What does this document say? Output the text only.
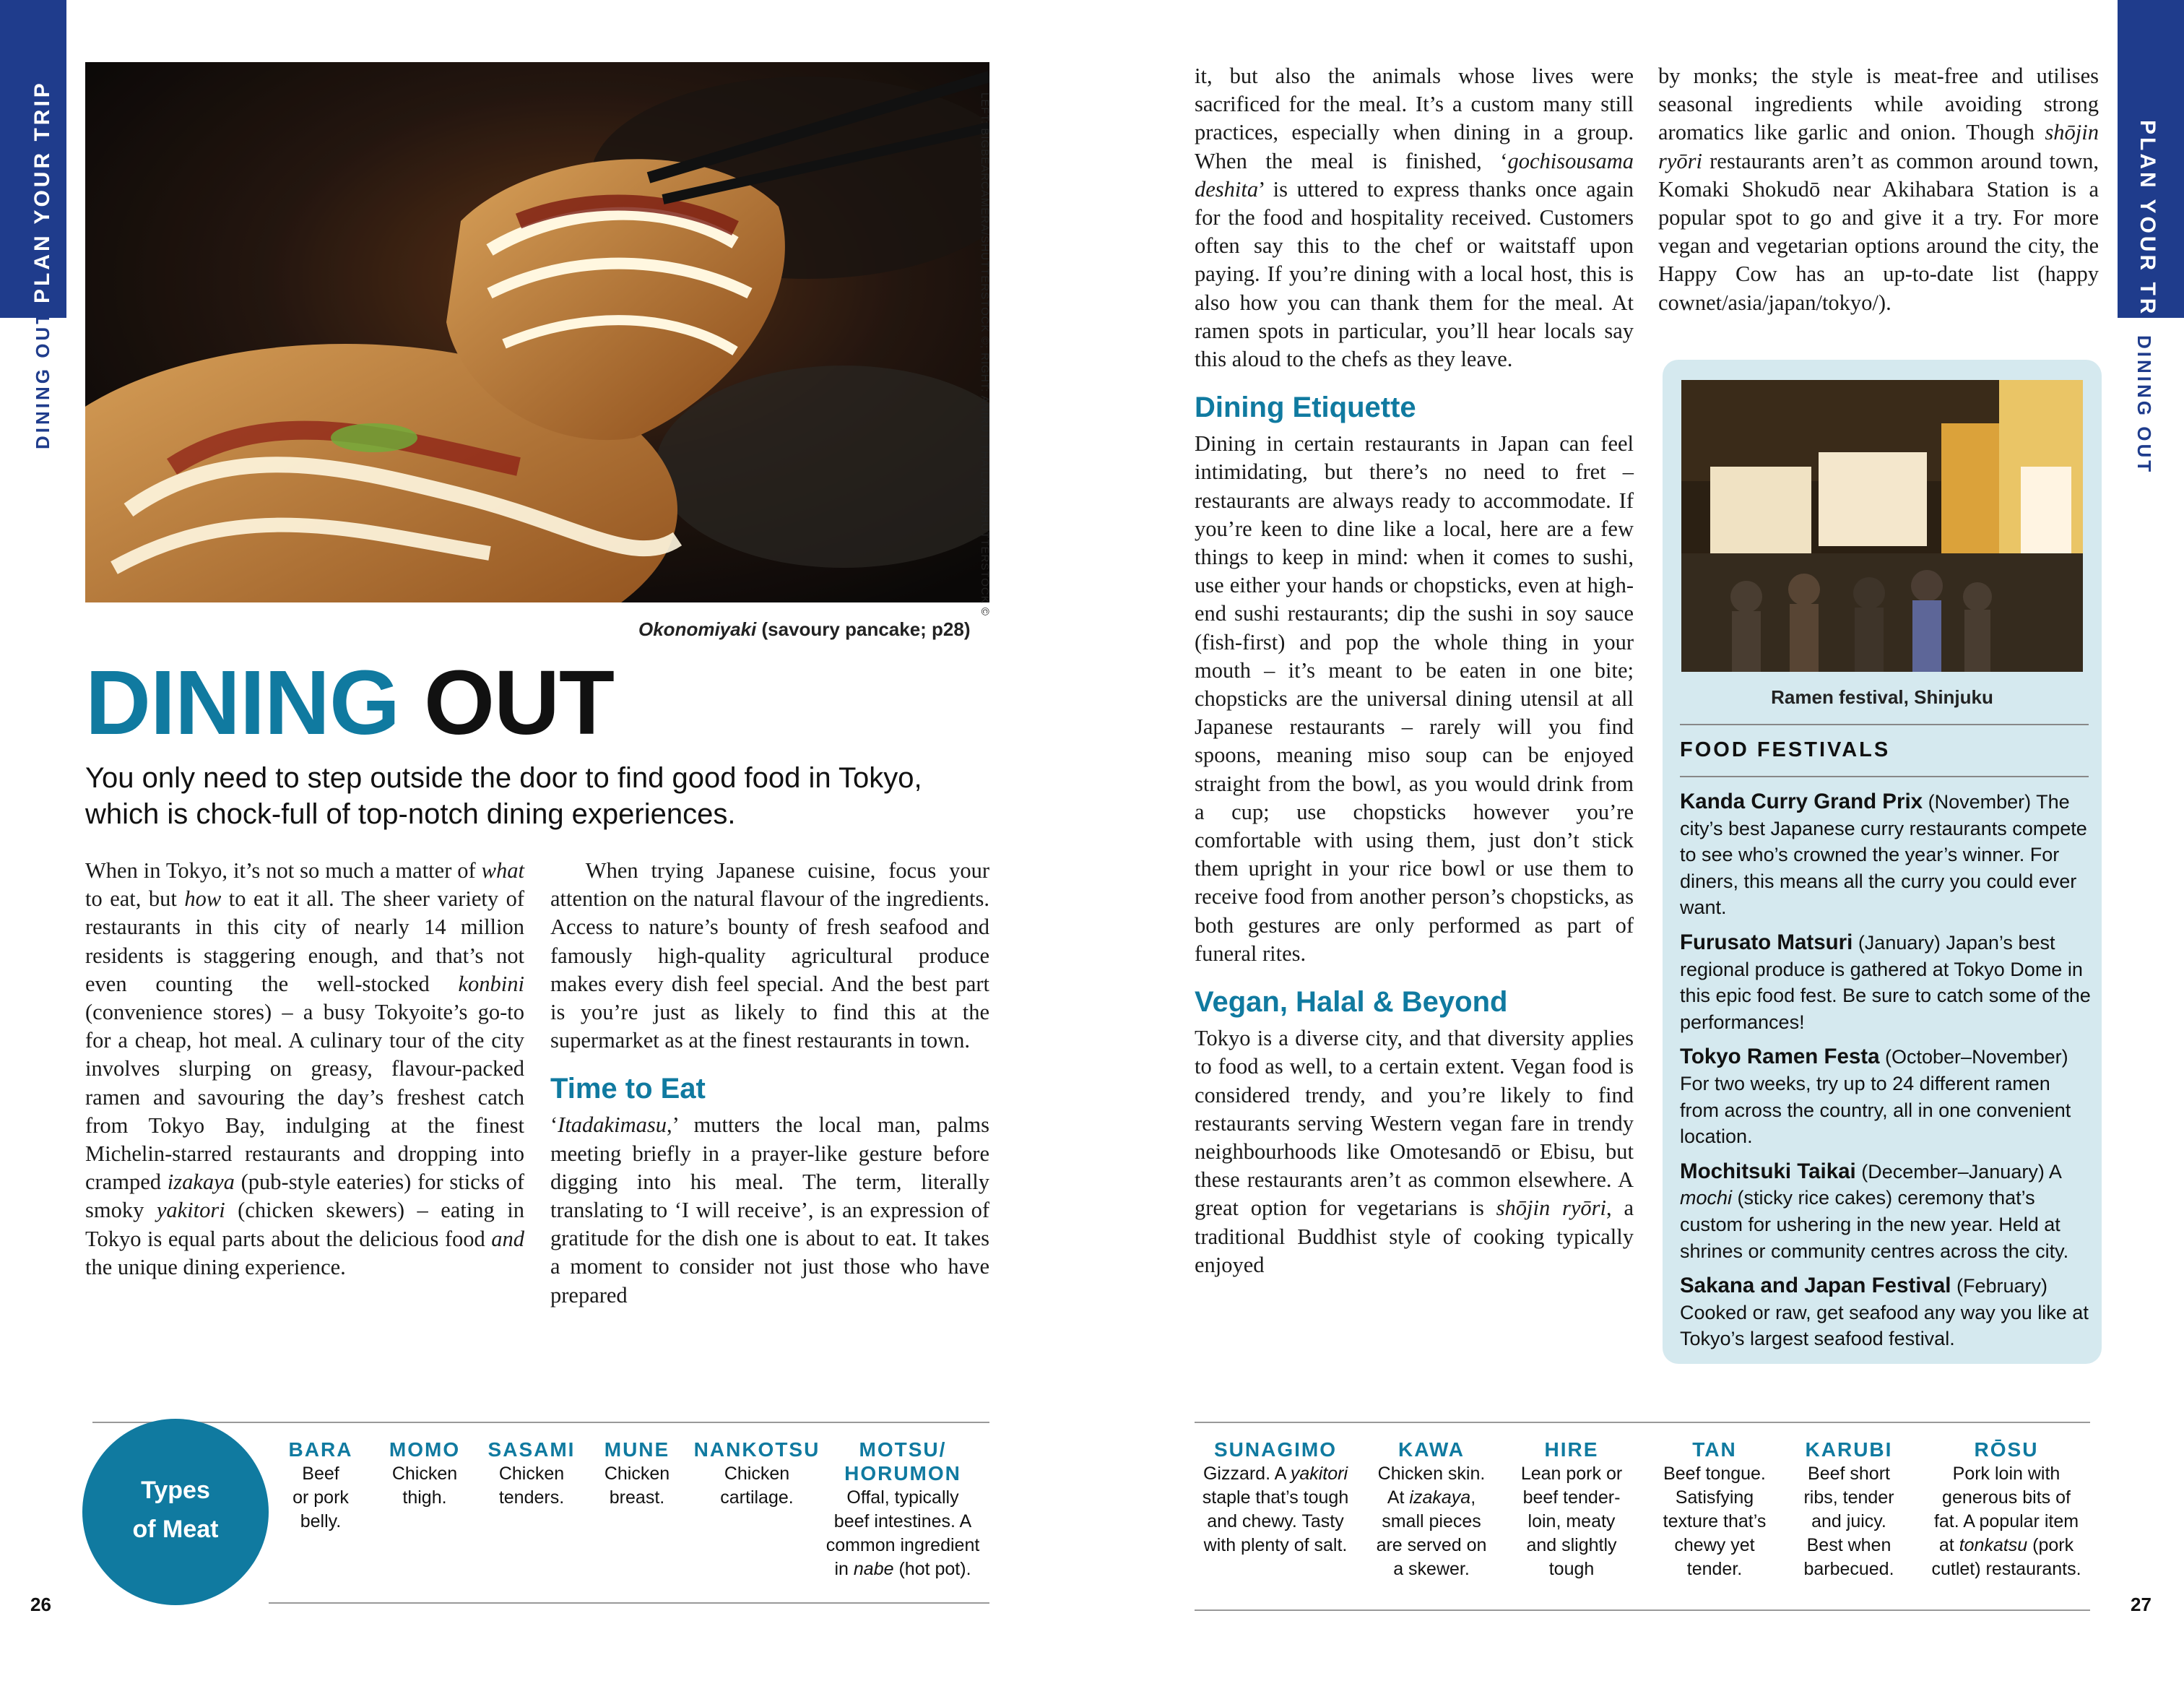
PLAN YOUR TRIP
DINING OUT
PLAN YOUR TRIP
DINING OUT
LEFT: BIGBEARCAMERA/SHUTTERSTOCK ©; RIGHT: ANIRUT THAILAND/SHUTTERSTOCK ©
Okonomiyaki (savoury pancake; p28)
DINING OUT
You only need to step outside the door to find good food in Tokyo, which is chock-full of top-notch dining experiences.

When in Tokyo, it’s not so much a matter of what to eat, but how to eat it all. The sheer variety of restaurants in this city of nearly 14 million residents is staggering enough, and that’s not even counting the well-stocked konbini (convenience stores) – a busy Tokyoite’s go-to for a cheap, hot meal. A culinary tour of the city involves slurping on greasy, flavour-packed ramen and savouring the day’s freshest catch from Tokyo Bay, indulging at the finest Michelin-starred restaurants and dropping into cramped izakaya (pub-style eateries) for sticks of smoky yakitori (chicken skewers) – eating in Tokyo is equal parts about the delicious food and the unique dining experience.

When trying Japanese cuisine, focus your attention on the natural flavour of the ingredients. Access to nature’s bounty of fresh seafood and famously high-quality agricultural produce makes every dish feel special. And the best part is you’re just as likely to find this at the supermarket as at the finest restaurants in town.

Time to Eat

‘Itadakimasu,’ mutters the local man, palms meeting briefly in a prayer-like gesture before digging into his meal. The term, literally translating to ‘I will receive’, is an expression of gratitude for the dish one is about to eat. It takes a moment to consider not just those who have prepared

it, but also the animals whose lives were sacrificed for the meal. It’s a custom many still practices, especially when dining in a group. When the meal is finished, ‘gochisousama deshita’ is uttered to express thanks once again for the food and hospitality received. Customers often say this to the chef or waitstaff upon paying. If you’re dining with a local host, this is also how you can thank them for the meal. At ramen spots in particular, you’ll hear locals say this aloud to the chefs as they leave.

Dining Etiquette

Dining in certain restaurants in Japan can feel intimidating, but there’s no need to fret – restaurants are always ready to accommodate. If you’re keen to dine like a local, here are a few things to keep in mind: when it comes to sushi, use either your hands or chopsticks, even at high-end sushi restaurants; dip the sushi in soy sauce (fish-first) and pop the whole thing in your mouth – it’s meant to be eaten in one bite; chopsticks are the universal dining utensil at all Japanese restaurants – rarely will you find spoons, meaning miso soup can be enjoyed straight from the bowl, as you would drink from a cup; use chopsticks however you’re comfortable with using them, just don’t stick them upright in your rice bowl or use them to receive food from another person’s chopsticks, as both gestures are only performed as part of funeral rites.

Vegan, Halal & Beyond

Tokyo is a diverse city, and that diversity applies to food as well, to a certain extent. Vegan food is considered trendy, and you’re likely to find restaurants serving Western vegan fare in trendy neighbourhoods like Omotesandō or Ebisu, but these restaurants aren’t as common elsewhere. A great option for vegetarians is shōjin ryōri, a traditional Buddhist style of cooking typically enjoyed

by monks; the style is meat-free and utilises seasonal ingredients while avoiding strong aromatics like garlic and onion. Though shōjin ryōri restaurants aren’t as common around town, Komaki Shokudō near Akihabara Station is a popular spot to go and give it a try. For more vegan and vegetarian options around the city, the Happy Cow has an up-to-date list (happy cownet/asia/japan/tokyo/).

Ramen festival, Shinjuku
FOOD FESTIVALS
Kanda Curry Grand Prix (November) The city’s best Japanese curry restaurants compete to see who’s crowned the year’s winner. For diners, this means all the curry you could ever want.
Furusato Matsuri (January) Japan’s best regional produce is gathered at Tokyo Dome in this epic food fest. Be sure to catch some of the performances!
Tokyo Ramen Festa (October–November) For two weeks, try up to 24 different ramen from across the country, all in one convenient location.
Mochitsuki Taikai (December–January) A mochi (sticky rice cakes) ceremony that’s custom for ushering in the new year. Held at shrines or community centres across the city.
Sakana and Japan Festival (February) Cooked or raw, get seafood any way you like at Tokyo’s largest seafood festival.
Types
of Meat
BARA
Beef
or pork
belly.
MOMO
Chicken
thigh.
SASAMI
Chicken
tenders.
MUNE
Chicken
breast.
NANKOTSU
Chicken
cartilage.
MOTSU/ HORUMON
Offal, typically
beef intestines. A
common ingredient
in nabe (hot pot).
SUNAGIMO
Gizzard. A yakitori
staple that’s tough
and chewy. Tasty
with plenty of salt.
KAWA
Chicken skin.
At izakaya,
small pieces
are served on
a skewer.
HIRE
Lean pork or
beef tender-
loin, meaty
and slightly
tough
TAN
Beef tongue.
Satisfying
texture that’s
chewy yet
tender.
KARUBI
Beef short
ribs, tender
and juicy.
Best when
barbecued.
RŌSU
Pork loin with
generous bits of
fat. A popular item
at tonkatsu (pork
cutlet) restaurants.
26	27
